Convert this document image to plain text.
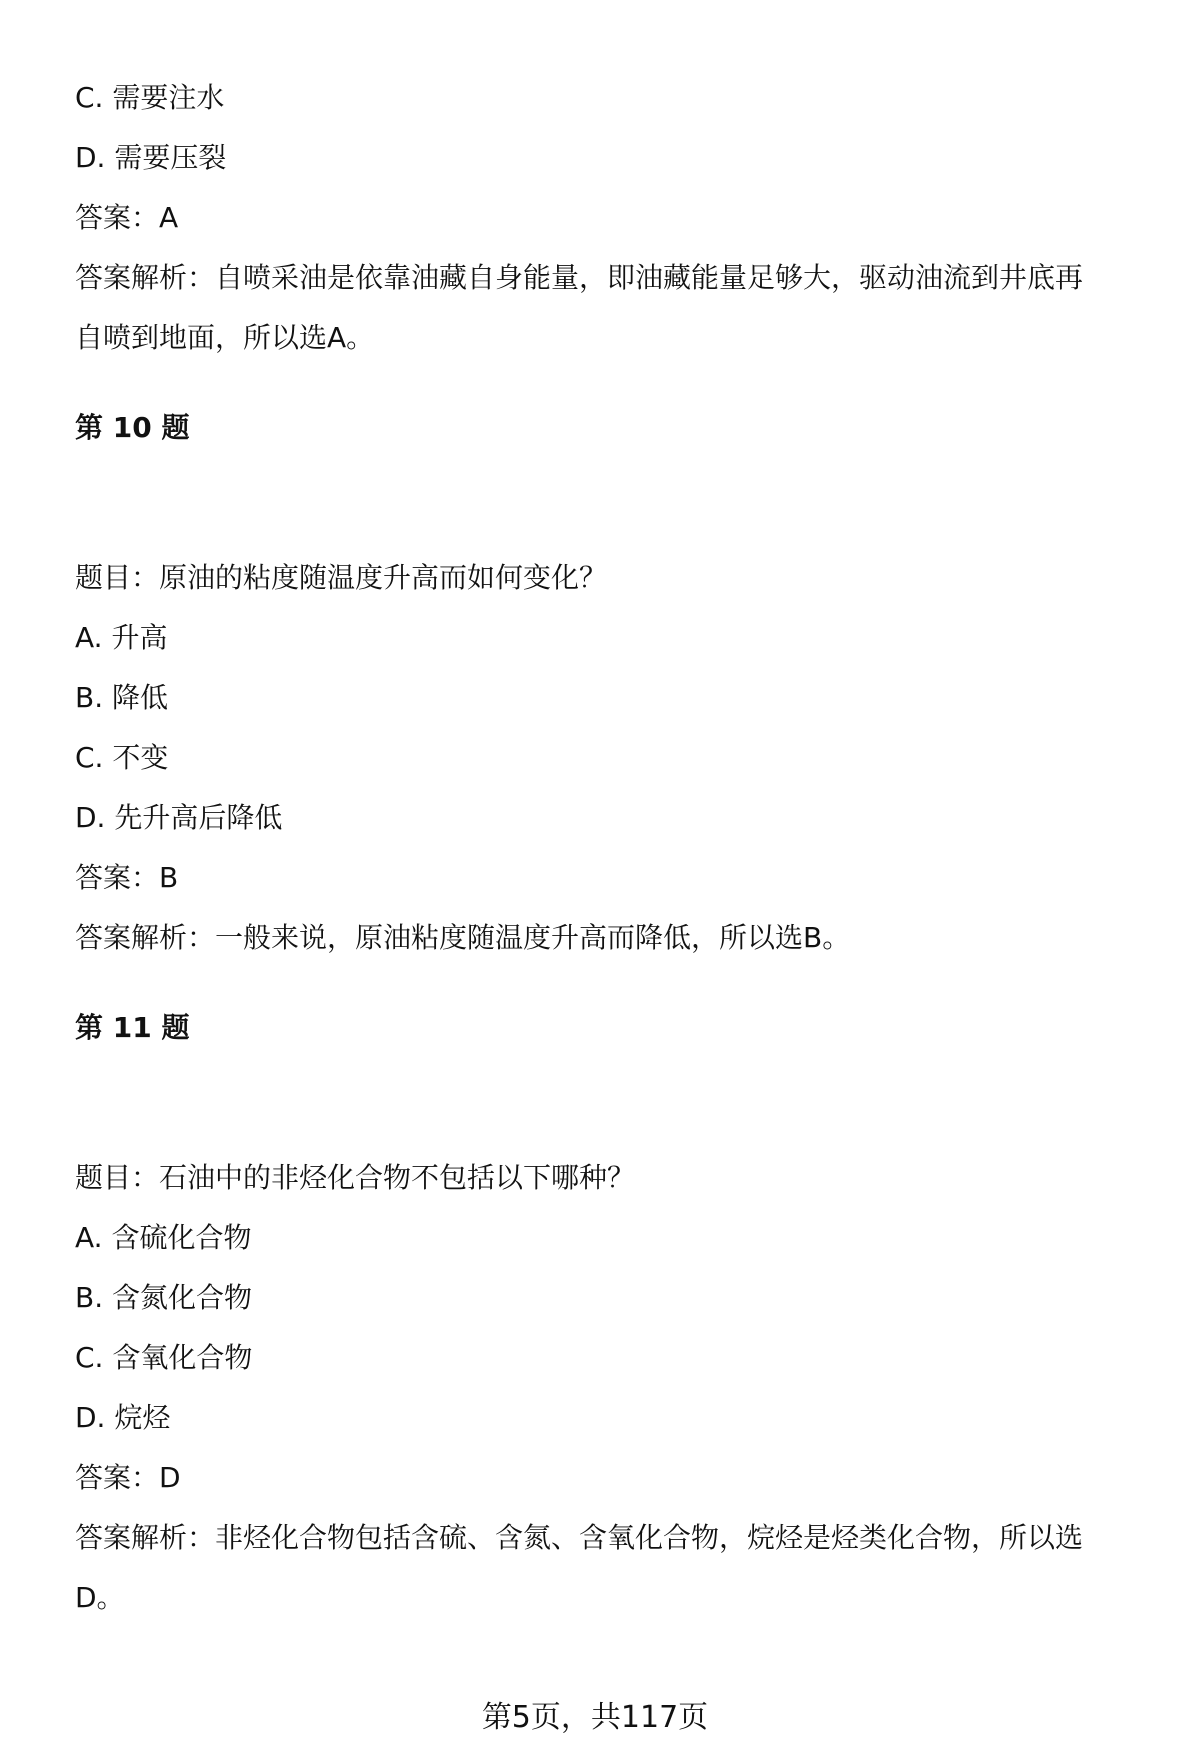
C. 需要注水
D. 需要压裂
答案：A
答案解析：自喷采油是依靠油藏自身能量，即油藏能量足够大，驱动油流到井底再
自喷到地面，所以选A。
第 10 题
题目：原油的粘度随温度升高而如何变化？
A. 升高
B. 降低
C. 不变
D. 先升高后降低
答案：B
答案解析：一般来说，原油粘度随温度升高而降低，所以选B。
第 11 题
题目：石油中的非烃化合物不包括以下哪种？
A. 含硫化合物
B. 含氮化合物
C. 含氧化合物
D. 烷烃
答案：D
答案解析：非烃化合物包括含硫、含氮、含氧化合物，烷烃是烃类化合物，所以选
D。
第5页，共117页
